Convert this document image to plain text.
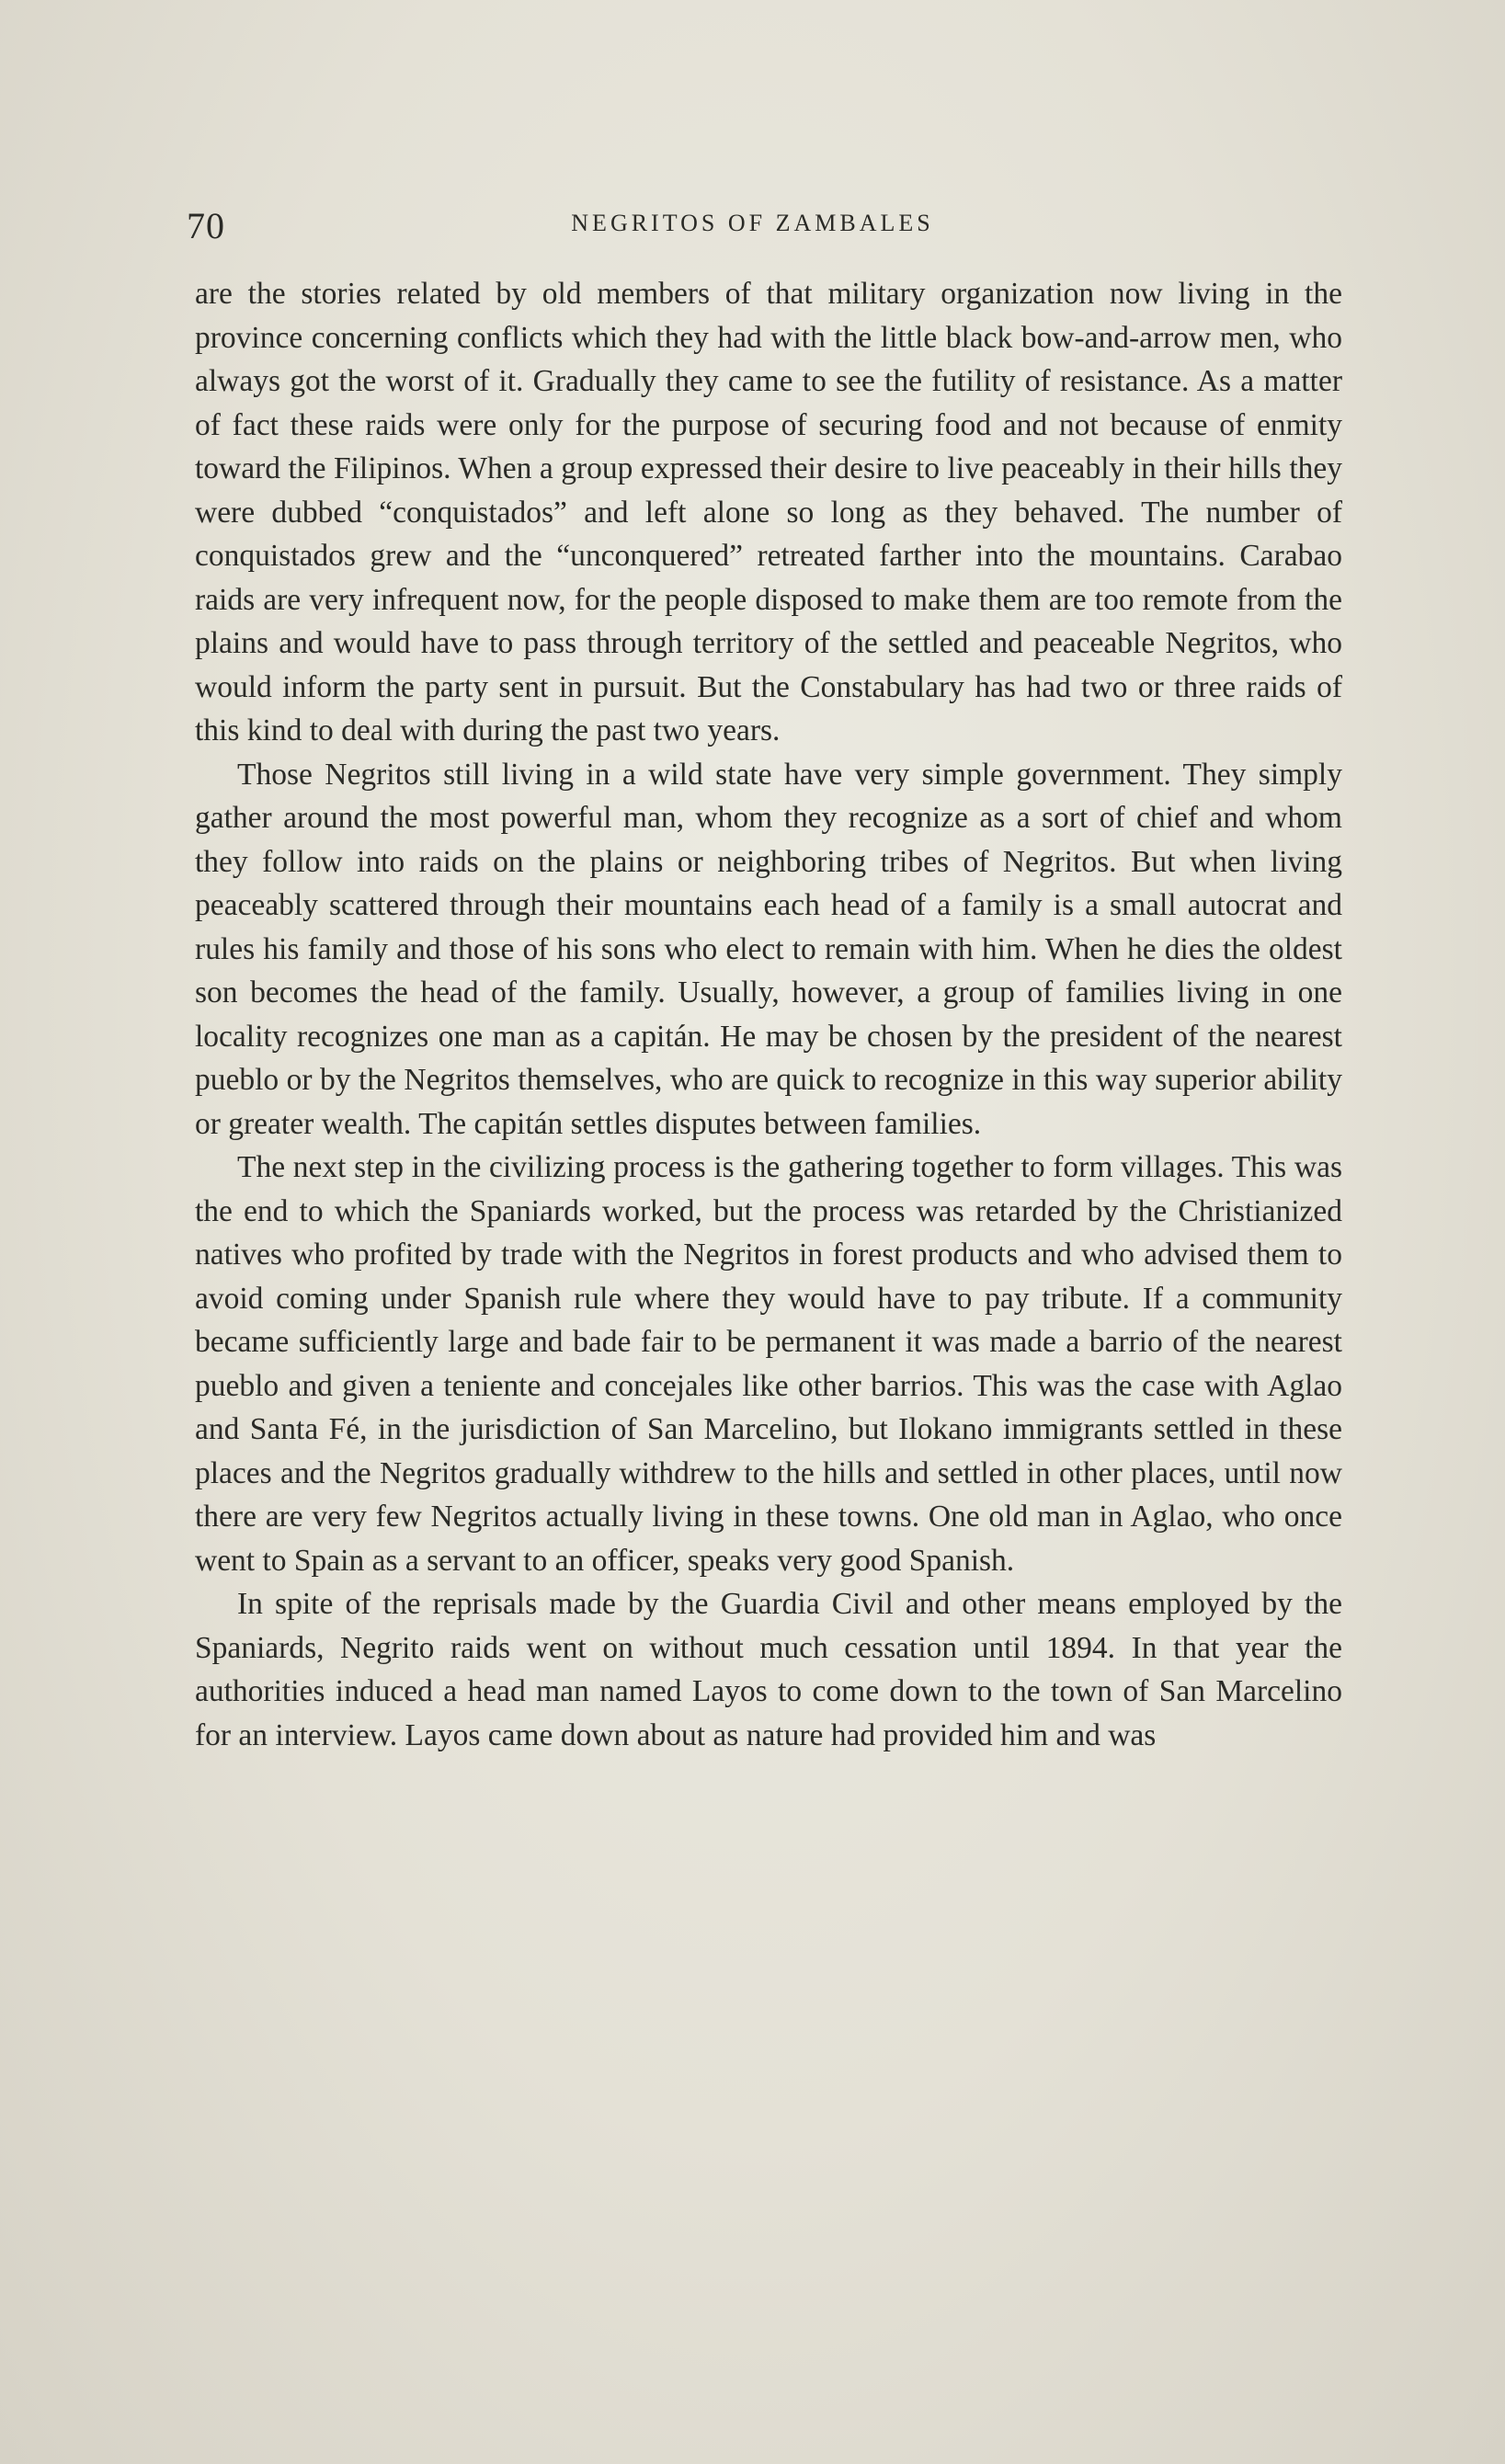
70	NEGRITOS OF ZAMBALES

are the stories related by old members of that military organization now living in the province concerning conflicts which they had with the little black bow-and-arrow men, who always got the worst of it. Gradually they came to see the futility of resistance. As a matter of fact these raids were only for the purpose of securing food and not because of enmity toward the Filipinos. When a group expressed their desire to live peaceably in their hills they were dubbed “conquistados” and left alone so long as they behaved. The number of conquistados grew and the “unconquered” retreated farther into the mountains. Carabao raids are very infrequent now, for the people disposed to make them are too remote from the plains and would have to pass through territory of the settled and peaceable Negritos, who would inform the party sent in pursuit. But the Constabulary has had two or three raids of this kind to deal with during the past two years.

Those Negritos still living in a wild state have very simple government. They simply gather around the most powerful man, whom they recognize as a sort of chief and whom they follow into raids on the plains or neighboring tribes of Negritos. But when living peaceably scattered through their mountains each head of a family is a small autocrat and rules his family and those of his sons who elect to remain with him. When he dies the oldest son becomes the head of the family. Usually, however, a group of families living in one locality recognizes one man as a capitán. He may be chosen by the president of the nearest pueblo or by the Negritos themselves, who are quick to recognize in this way superior ability or greater wealth. The capitán settles disputes between families.

The next step in the civilizing process is the gathering together to form villages. This was the end to which the Spaniards worked, but the process was retarded by the Christianized natives who profited by trade with the Negritos in forest products and who advised them to avoid coming under Spanish rule where they would have to pay tribute. If a community became sufficiently large and bade fair to be permanent it was made a barrio of the nearest pueblo and given a teniente and concejales like other barrios. This was the case with Aglao and Santa Fé, in the jurisdiction of San Marcelino, but Ilokano immigrants settled in these places and the Negritos gradually withdrew to the hills and settled in other places, until now there are very few Negritos actually living in these towns. One old man in Aglao, who once went to Spain as a servant to an officer, speaks very good Spanish.

In spite of the reprisals made by the Guardia Civil and other means employed by the Spaniards, Negrito raids went on without much cessation until 1894. In that year the authorities induced a head man named Layos to come down to the town of San Marcelino for an interview. Layos came down about as nature had provided him and was
